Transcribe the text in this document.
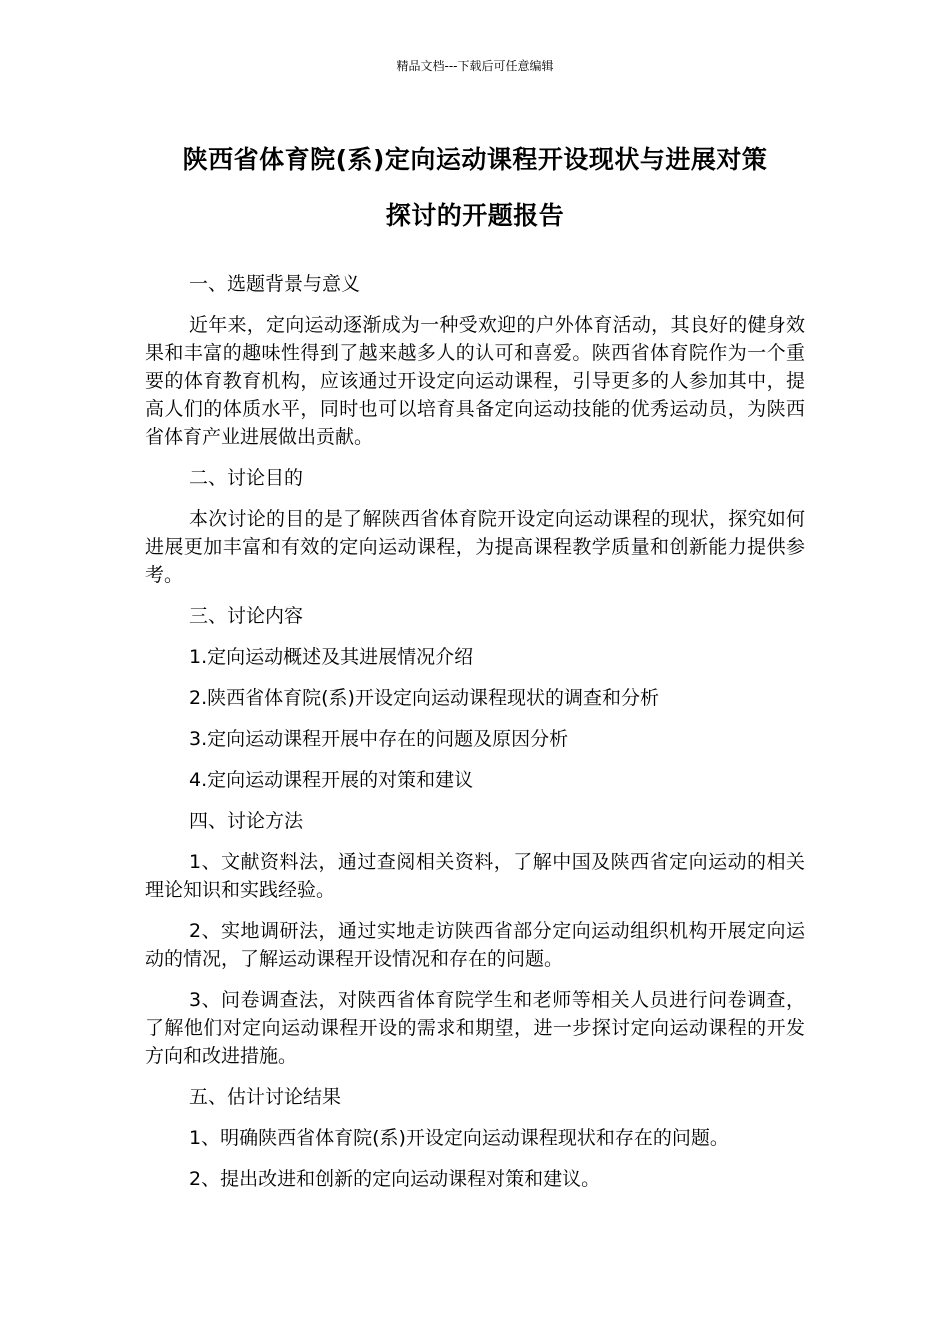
精品文档---下载后可任意编辑
陕西省体育院(系)定向运动课程开设现状与进展对策
探讨的开题报告

一、选题背景与意义

近年来，定向运动逐渐成为一种受欢迎的户外体育活动，其良好的健身效果和丰富的趣味性得到了越来越多人的认可和喜爱。陕西省体育院作为一个重要的体育教育机构，应该通过开设定向运动课程，引导更多的人参加其中，提高人们的体质水平，同时也可以培育具备定向运动技能的优秀运动员，为陕西省体育产业进展做出贡献。

二、讨论目的

本次讨论的目的是了解陕西省体育院开设定向运动课程的现状，探究如何进展更加丰富和有效的定向运动课程，为提高课程教学质量和创新能力提供参考。

三、讨论内容

1.定向运动概述及其进展情况介绍

2.陕西省体育院(系)开设定向运动课程现状的调查和分析

3.定向运动课程开展中存在的问题及原因分析

4.定向运动课程开展的对策和建议

四、讨论方法

1、文献资料法，通过查阅相关资料，了解中国及陕西省定向运动的相关理论知识和实践经验。

2、实地调研法，通过实地走访陕西省部分定向运动组织机构开展定向运动的情况，了解运动课程开设情况和存在的问题。

3、问卷调查法，对陕西省体育院学生和老师等相关人员进行问卷调查，了解他们对定向运动课程开设的需求和期望，进一步探讨定向运动课程的开发方向和改进措施。

五、估计讨论结果

1、明确陕西省体育院(系)开设定向运动课程现状和存在的问题。

2、提出改进和创新的定向运动课程对策和建议。
